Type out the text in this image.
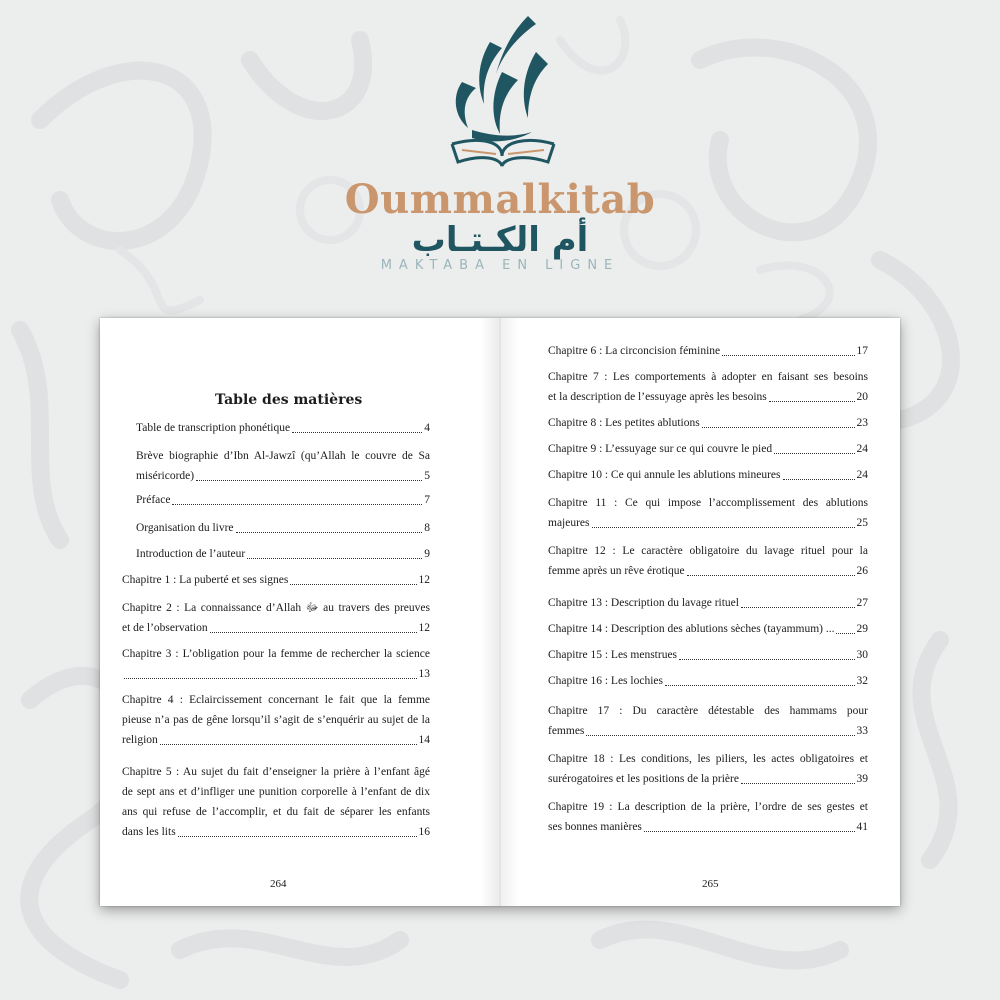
Oummalkitab
أم الكـتـاب
MAKTABA EN LIGNE
Table des matières
Table de transcription phonétique	4
Brève biographie d’Ibn Al-Jawzî (qu’Allah le couvre de Sa
miséricorde)	5
Préface	7
Organisation du livre	8
Introduction de l’auteur	9
Chapitre 1 : La puberté et ses signes	12
Chapitre 2 : La connaissance d’Allah ﷻ au travers des preuves
et de l’observation	12
Chapitre 3 : L’obligation pour la femme de rechercher la science
13
Chapitre 4 : Eclaircissement concernant le fait que la femme
pieuse n’a pas de gêne lorsqu’il s’agit de s’enquérir au sujet de la
religion	14
Chapitre 5 : Au sujet du fait d’enseigner la prière à l’enfant âgé
de sept ans et d’infliger une punition corporelle à l’enfant de dix
ans qui refuse de l’accomplir, et du fait de séparer les enfants
dans les lits	16
264
Chapitre 6 : La circoncision féminine	17
Chapitre 7 : Les comportements à adopter en faisant ses besoins
et la description de l’essuyage après les besoins	20
Chapitre 8 : Les petites ablutions	23
Chapitre 9 : L’essuyage sur ce qui couvre le pied	24
Chapitre 10 : Ce qui annule les ablutions mineures	24
Chapitre 11 : Ce qui impose l’accomplissement des ablutions
majeures	25
Chapitre 12 : Le caractère obligatoire du lavage rituel pour la
femme après un rêve érotique	26
Chapitre 13 : Description du lavage rituel	27
Chapitre 14 : Description des ablutions sèches (tayammum) ... 29
Chapitre 15 : Les menstrues	30
Chapitre 16 : Les lochies	32
Chapitre 17 : Du caractère détestable des hammams pour
femmes	33
Chapitre 18 : Les conditions, les piliers, les actes obligatoires et
surérogatoires et les positions de la prière	39
Chapitre 19 : La description de la prière, l’ordre de ses gestes et
ses bonnes manières	41
265
